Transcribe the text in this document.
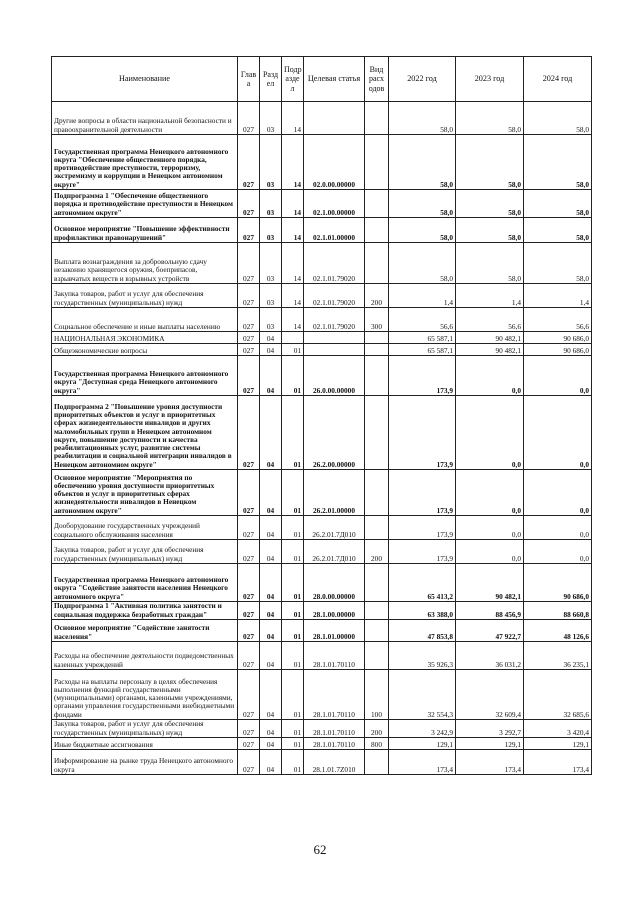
Наименование	Глав а	Разд ел	Подр азде л	Целевая статья	Вид расх одов	2022 год	2023 год	2024 год
Другие вопросы в области национальной безопасности и правоохранительной деятельности	027	03	14			58,0	58,0	58,0
Государственная программа Ненецкого автономного округа "Обеспечение общественного порядка, противодействие преступности, терроризму, экстремизму и коррупции в Ненецком автономном округе"	027	03	14	02.0.00.00000		58,0	58,0	58,0
Подпрограмма 1 "Обеспечение общественного порядка и противодействие преступности в Ненецком автономном округе"	027	03	14	02.1.00.00000		58,0	58,0	58,0
Основное мероприятие "Повышение эффективности профилактики правонарушений"	027	03	14	02.1.01.00000		58,0	58,0	58,0
Выплата вознаграждения за добровольную сдачу незаконно хранящегося оружия, боеприпасов, взрывчатых веществ и взрывных устройств	027	03	14	02.1.01.79020		58,0	58,0	58,0
Закупка товаров, работ и услуг для обеспечения государственных (муниципальных) нужд	027	03	14	02.1.01.79020	200	1,4	1,4	1,4
Социальное обеспечение и иные выплаты населению	027	03	14	02.1.01.79020	300	56,6	56,6	56,6
НАЦИОНАЛЬНАЯ ЭКОНОМИКА	027	04				65 587,1	90 482,1	90 686,0
Общеэкономические вопросы	027	04	01			65 587,1	90 482,1	90 686,0
Государственная программа Ненецкого автономного округа "Доступная среда Ненецкого автономного округа"	027	04	01	26.0.00.00000		173,9	0,0	0,0
Подпрограмма 2 "Повышение уровня доступности приоритетных объектов и услуг в приоритетных сферах жизнедеятельности инвалидов и других маломобильных групп в Ненецком автономном округе, повышение доступности и качества реабилитационных услуг, развитие системы реабилитации и социальной интеграции инвалидов в Ненецком автономном округе"	027	04	01	26.2.00.00000		173,9	0,0	0,0
Основное мероприятие "Мероприятия по обеспечению уровня доступности приоритетных объектов и услуг в приоритетных сферах жизнедеятельности инвалидов в Ненецком автономном округе"	027	04	01	26.2.01.00000		173,9	0,0	0,0
Дооборудование государственных учреждений социального обслуживания населения	027	04	01	26.2.01.7Д010		173,9	0,0	0,0
Закупка товаров, работ и услуг для обеспечения государственных (муниципальных) нужд	027	04	01	26.2.01.7Д010	200	173,9	0,0	0,0
Государственная программа Ненецкого автономного округа "Содействие занятости населения Ненецкого автономного округа"	027	04	01	28.0.00.00000		65 413,2	90 482,1	90 686,0
Подпрограмма 1 "Активная политика занятости и социальная поддержка безработных граждан"	027	04	01	28.1.00.00000		63 388,0	88 456,9	88 660,8
Основное мероприятие "Содействие занятости населения"	027	04	01	28.1.01.00000		47 853,8	47 922,7	48 126,6
Расходы на обеспечение деятельности подведомственных казенных учреждений	027	04	01	28.1.01.70110		35 926,3	36 031,2	36 235,1
Расходы на выплаты персоналу в целях обеспечения выполнения функций государственными (муниципальными) органами, казенными учреждениями, органами управления государственными внебюджетными фондами	027	04	01	28.1.01.70110	100	32 554,3	32 609,4	32 685,6
Закупка товаров, работ и услуг для обеспечения государственных (муниципальных) нужд	027	04	01	28.1.01.70110	200	3 242,9	3 292,7	3 420,4
Иные бюджетные ассигнования	027	04	01	28.1.01.70110	800	129,1	129,1	129,1
Информирование на рынке труда Ненецкого автономного округа	027	04	01	28.1.01.7Z010		173,4	173,4	173,4
62
